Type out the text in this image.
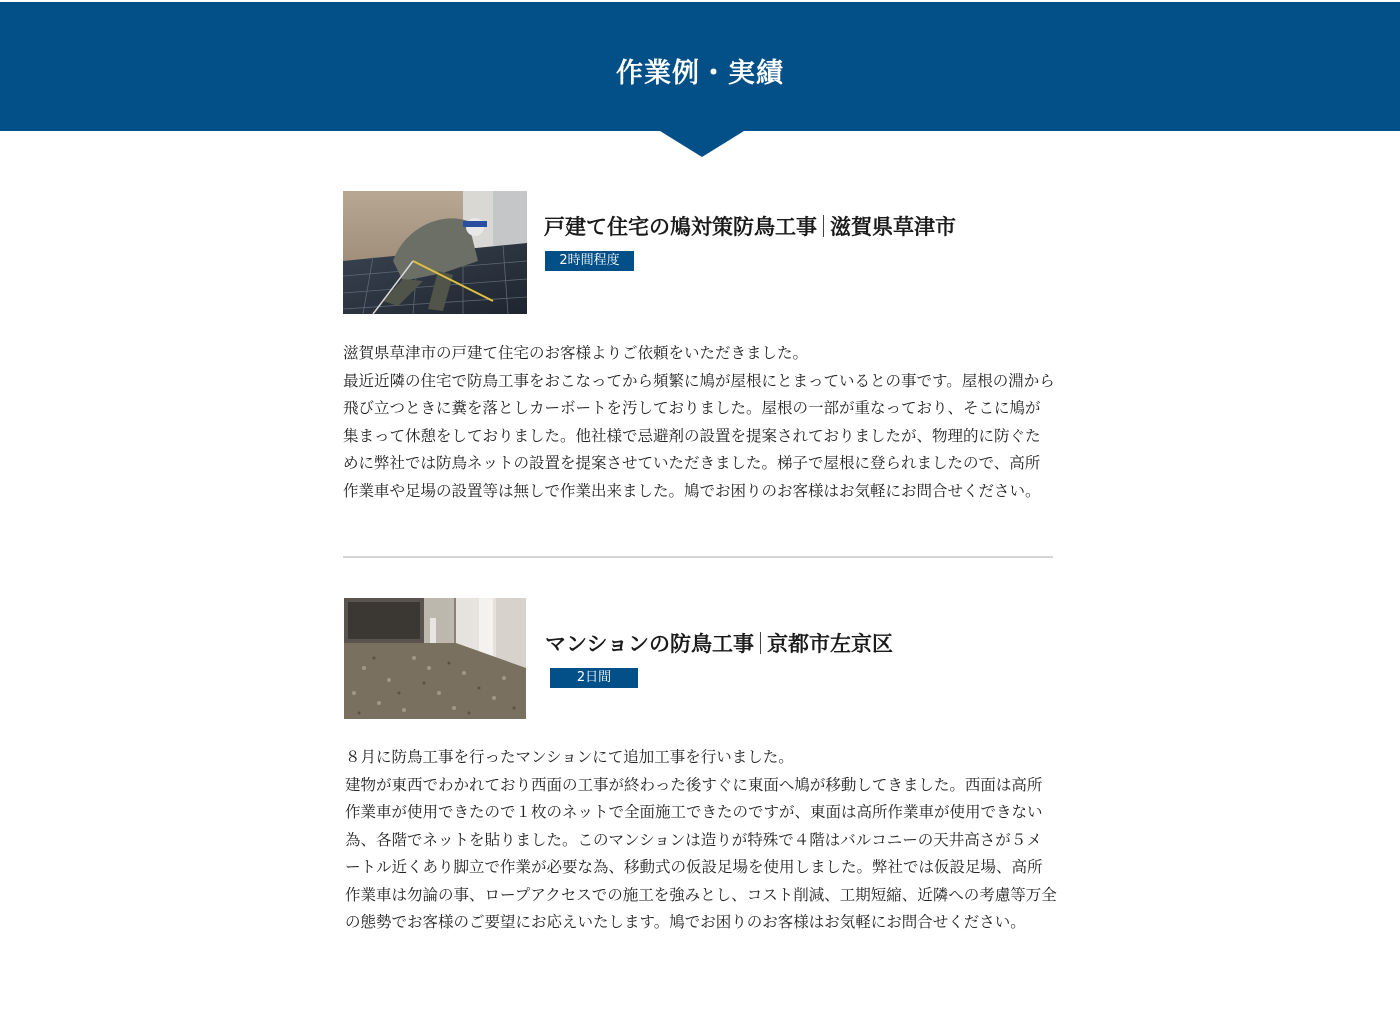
作業例・実績
戸建て住宅の鳩対策防鳥工事 滋賀県草津市
2時間程度

滋賀県草津市の戸建て住宅のお客様よりご依頼をいただきました。

最近近隣の住宅で防鳥工事をおこなってから頻繁に鳩が屋根にとまっているとの事です。屋根の淵から飛び立つときに糞を落としカーボートを汚しておりました。屋根の一部が重なっており、そこに鳩が集まって休憩をしておりました。他社様で忌避剤の設置を提案されておりましたが、物理的に防ぐために弊社では防鳥ネットの設置を提案させていただきました。梯子で屋根に登られましたので、高所作業車や足場の設置等は無しで作業出来ました。鳩でお困りのお客様はお気軽にお問合せください。

マンションの防鳥工事 京都市左京区
2日間

８月に防鳥工事を行ったマンションにて追加工事を行いました。

建物が東西でわかれており西面の工事が終わった後すぐに東面へ鳩が移動してきました。西面は高所作業車が使用できたので１枚のネットで全面施工できたのですが、東面は高所作業車が使用できない為、各階でネットを貼りました。このマンションは造りが特殊で４階はバルコニーの天井高さが５メートル近くあり脚立で作業が必要な為、移動式の仮設足場を使用しました。弊社では仮設足場、高所作業車は勿論の事、ロープアクセスでの施工を強みとし、コスト削減、工期短縮、近隣への考慮等万全の態勢でお客様のご要望にお応えいたします。鳩でお困りのお客様はお気軽にお問合せください。
